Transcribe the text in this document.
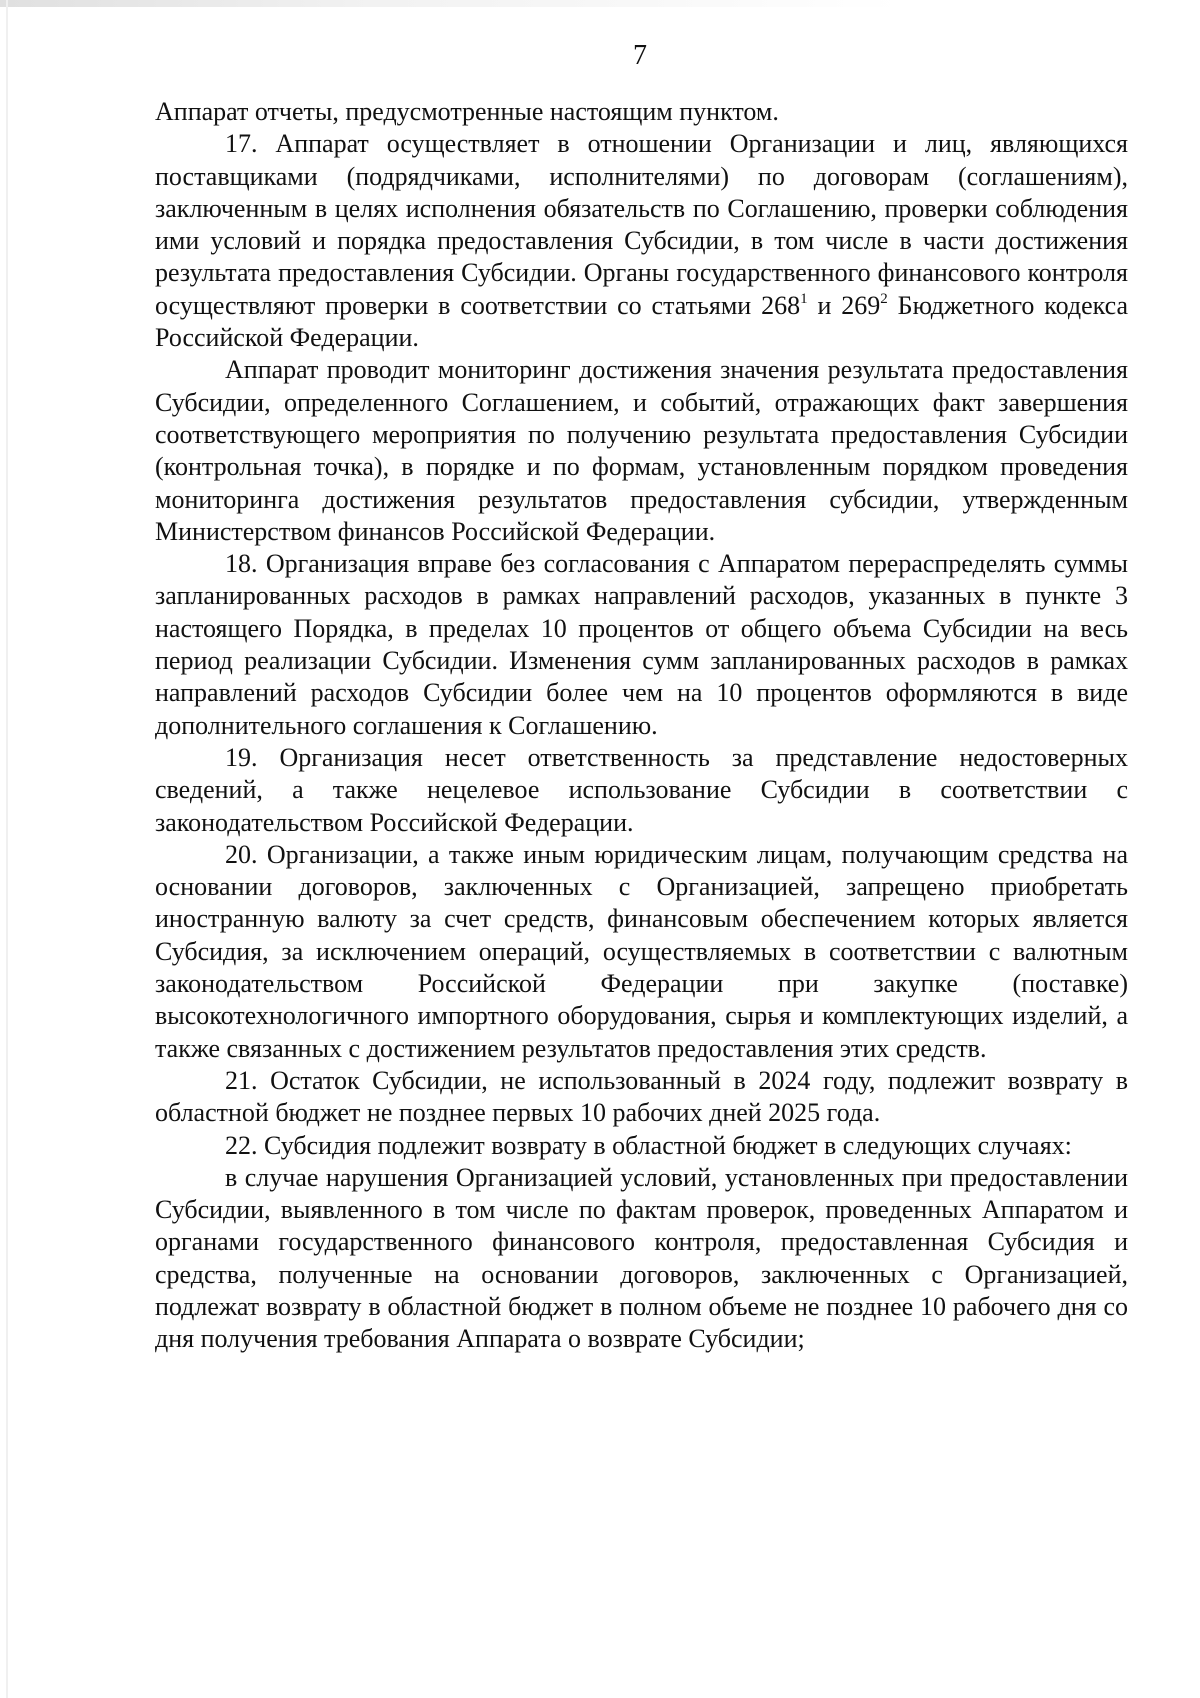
7

Аппарат отчеты, предусмотренные настоящим пунктом.

17. Аппарат осуществляет в отношении Организации и лиц, являющихся поставщиками (подрядчиками, исполнителями) по договорам (соглашениям), заключенным в целях исполнения обязательств по Соглашению, проверки соблюдения ими условий и порядка предоставления Субсидии, в том числе в части достижения результата предоставления Субсидии. Органы государственного финансового контроля осуществляют проверки в соответствии со статьями $268^1$ и $269^2$ Бюджетного кодекса Российской Федерации.

Аппарат проводит мониторинг достижения значения результата предоставления Субсидии, определенного Соглашением, и событий, отражающих факт завершения соответствующего мероприятия по получению результата предоставления Субсидии (контрольная точка), в порядке и по формам, установленным порядком проведения мониторинга достижения результатов предоставления субсидии, утвержденным Министерством финансов Российской Федерации.

18. Организация вправе без согласования с Аппаратом перераспределять суммы запланированных расходов в рамках направлений расходов, указанных в пункте 3 настоящего Порядка, в пределах 10 процентов от общего объема Субсидии на весь период реализации Субсидии. Изменения сумм запланированных расходов в рамках направлений расходов Субсидии более чем на 10 процентов оформляются в виде дополнительного соглашения к Соглашению.

19. Организация несет ответственность за представление недостоверных сведений, а также нецелевое использование Субсидии в соответствии с законодательством Российской Федерации.

20. Организации, а также иным юридическим лицам, получающим средства на основании договоров, заключенных с Организацией, запрещено приобретать иностранную валюту за счет средств, финансовым обеспечением которых является Субсидия, за исключением операций, осуществляемых в соответствии с валютным законодательством Российской Федерации при закупке (поставке) высокотехнологичного импортного оборудования, сырья и комплектующих изделий, а также связанных с достижением результатов предоставления этих средств.

21. Остаток Субсидии, не использованный в 2024 году, подлежит возврату в областной бюджет не позднее первых 10 рабочих дней 2025 года.

22. Субсидия подлежит возврату в областной бюджет в следующих случаях:

в случае нарушения Организацией условий, установленных при предоставлении Субсидии, выявленного в том числе по фактам проверок, проведенных Аппаратом и органами государственного финансового контроля, предоставленная Субсидия и средства, полученные на основании договоров, заключенных с Организацией, подлежат возврату в областной бюджет в полном объеме не позднее 10 рабочего дня со дня получения требования Аппарата о возврате Субсидии;
